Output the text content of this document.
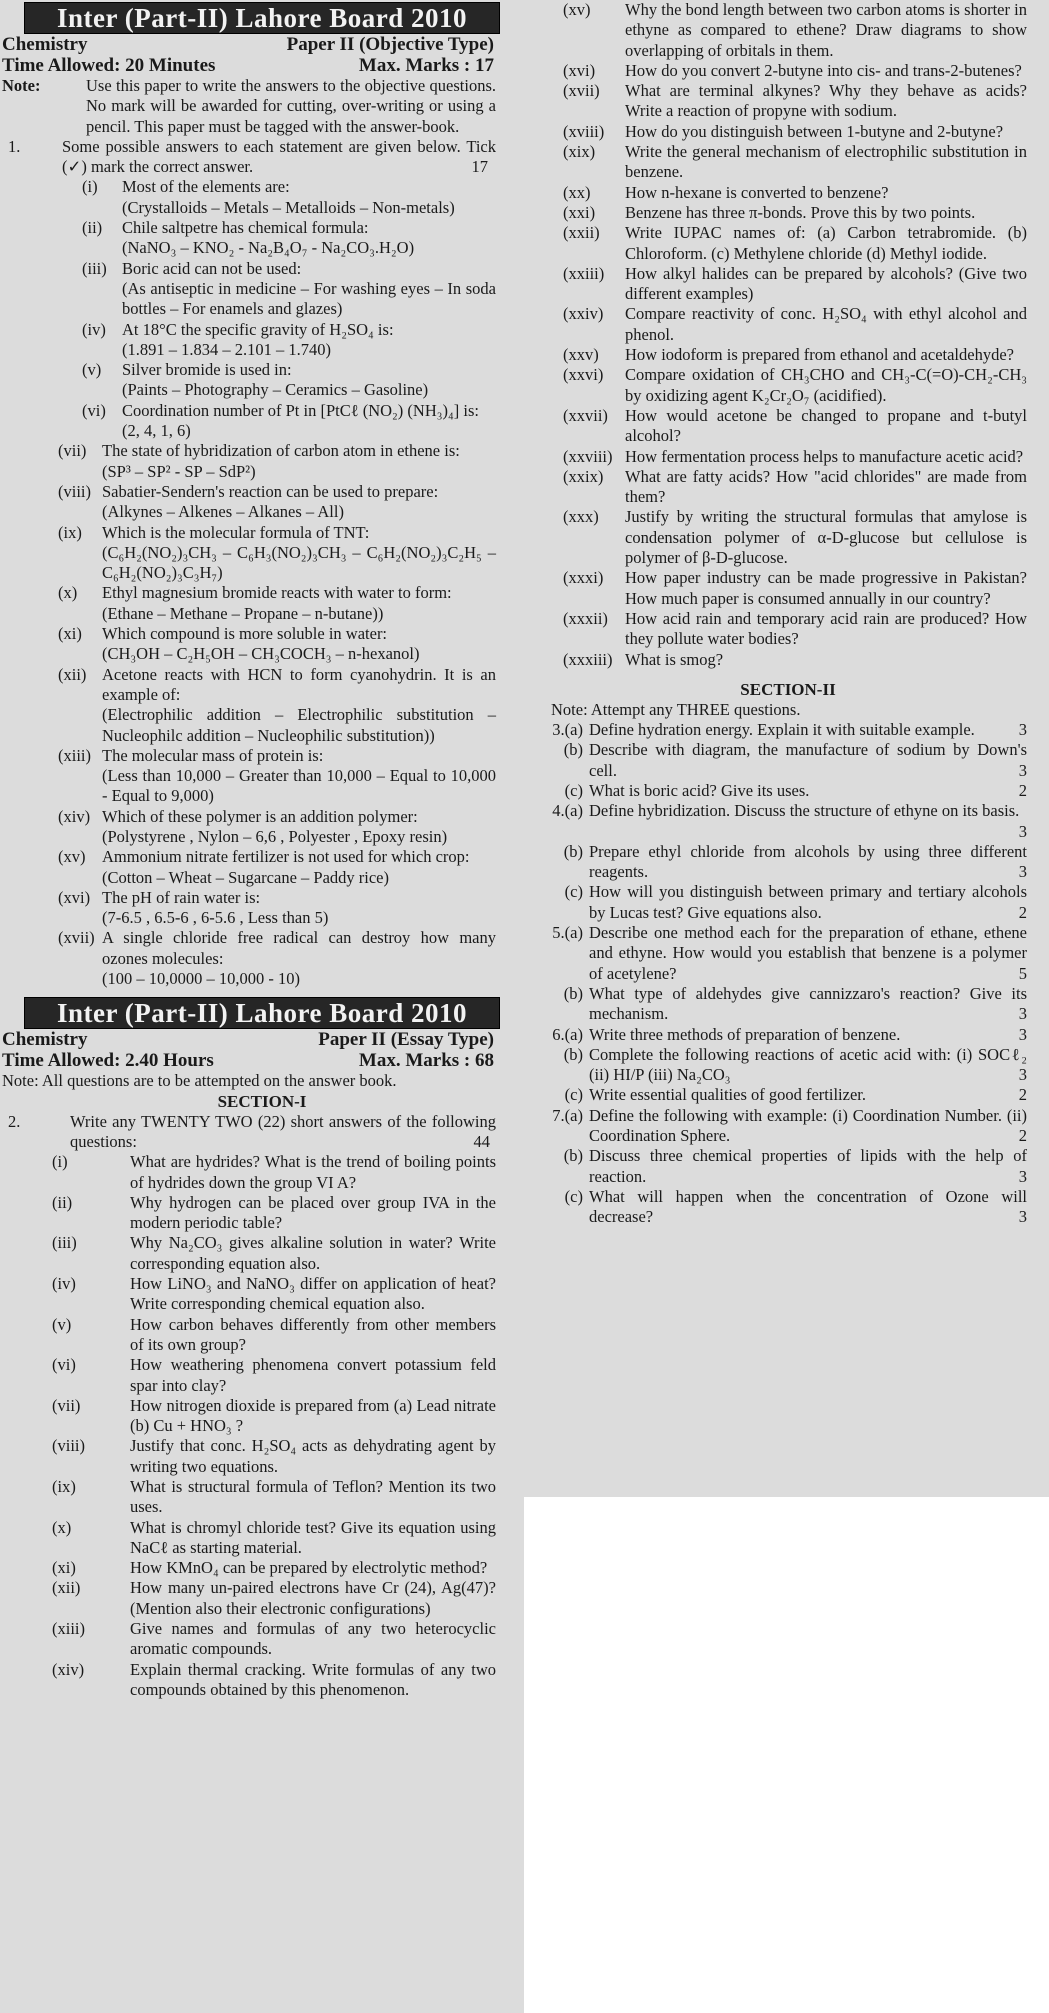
Inter (Part-II) Lahore Board 2010
Chemistry	Paper II (Objective Type)
Time Allowed: 20 Minutes	Max. Marks : 17
Note:	Use this paper to write the answers to the objective questions. No mark will be awarded for cutting, over-writing or using a pencil. This paper must be tagged with the answer-book.
1.	Some possible answers to each statement are given below. Tick (✓) mark the correct answer.	17
(i)	Most of the elements are:
(Crystalloids – Metals – Metalloids – Non-metals)
(ii)	Chile saltpetre has chemical formula:
(NaNO₃ – KNO₂ - Na₂B₄O₇ - Na₂CO₃.H₂O)
(iii) Boric acid can not be used:
(As antiseptic in medicine – For washing eyes – In soda bottles – For enamels and glazes)
(iv) At 18°C the specific gravity of H₂SO₄ is:
(1.891 – 1.834 – 2.101 – 1.740)
(v)	Silver bromide is used in:
(Paints – Photography – Ceramics – Gasoline)
(vi) Coordination number of Pt in [PtCℓ (NO₂) (NH₃)₄] is:
(2, 4, 1, 6)
(vii) The state of hybridization of carbon atom in ethene is:
(SP³ – SP² - SP – SdP²)
(viii) Sabatier-Sendern's reaction can be used to prepare:
(Alkynes – Alkenes – Alkanes – All)
(ix)	Which is the molecular formula of TNT:
(C₆H₂(NO₂)₃CH₃ – C₆H₃(NO₂)₃CH₃ – C₆H₂(NO₂)₃C₂H₅ – C₆H₂(NO₂)₃C₃H₇)
(x)	Ethyl magnesium bromide reacts with water to form:
(Ethane – Methane – Propane – n-butane))
(xi)	Which compound is more soluble in water:
(CH₃OH – C₂H₅OH – CH₃COCH₃ – n-hexanol)
(xii) Acetone reacts with HCN to form cyanohydrin. It is an example of:
(Electrophilic addition – Electrophilic substitution – Nucleophilc addition – Nucleophilic substitution))
(xiii) The molecular mass of protein is:
(Less than 10,000 – Greater than 10,000 – Equal to 10,000 - Equal to 9,000)
(xiv) Which of these polymer is an addition polymer:
(Polystyrene , Nylon – 6,6 , Polyester , Epoxy resin)
(xv)	Ammonium nitrate fertilizer is not used for which crop:
(Cotton – Wheat – Sugarcane – Paddy rice)
(xvi) The pH of rain water is:
(7-6.5 , 6.5-6 , 6-5.6 , Less than 5)
(xvii) A single chloride free radical can destroy how many ozones molecules:
(100 – 10,0000 – 10,000 - 10)
Inter (Part-II) Lahore Board 2010
Chemistry	Paper II (Essay Type)
Time Allowed: 2.40 Hours	Max. Marks : 68
Note: All questions are to be attempted on the answer book.
SECTION-I
2.	Write any TWENTY TWO (22) short answers of the following questions:	44
(i)	What are hydrides? What is the trend of boiling points of hydrides down the group VI A?
(ii)	Why hydrogen can be placed over group IVA in the modern periodic table?
(iii)	Why Na₂CO₃ gives alkaline solution in water? Write corresponding equation also.
(iv)	How LiNO₃ and NaNO₃ differ on application of heat? Write corresponding chemical equation also.
(v)	How carbon behaves differently from other members of its own group?
(vi)	How weathering phenomena convert potassium feld spar into clay?
(vii)	How nitrogen dioxide is prepared from (a) Lead nitrate (b) Cu + HNO₃ ?
(viii)	Justify that conc. H₂SO₄ acts as dehydrating agent by writing two equations.
(ix)	What is structural formula of Teflon? Mention its two uses.
(x)	What is chromyl chloride test? Give its equation using NaCℓ as starting material.
(xi)	How KMnO₄ can be prepared by electrolytic method?
(xii)	How many un-paired electrons have Cr (24), Ag(47)? (Mention also their electronic configurations)
(xiii)	Give names and formulas of any two heterocyclic aromatic compounds.
(xiv)	Explain thermal cracking. Write formulas of any two compounds obtained by this phenomenon.
(xv)	Why the bond length between two carbon atoms is shorter in ethyne as compared to ethene? Draw diagrams to show overlapping of orbitals in them.
(xvi)	How do you convert 2-butyne into cis- and trans-2-butenes?
(xvii)	What are terminal alkynes? Why they behave as acids? Write a reaction of propyne with sodium.
(xviii)	How do you distinguish between 1-butyne and 2-butyne?
(xix)	Write the general mechanism of electrophilic substitution in benzene.
(xx)	How n-hexane is converted to benzene?
(xxi)	Benzene has three π-bonds. Prove this by two points.
(xxii)	Write IUPAC names of: (a) Carbon tetrabromide. (b) Chloroform. (c) Methylene chloride (d) Methyl iodide.
(xxiii)	How alkyl halides can be prepared by alcohols? (Give two different examples)
(xxiv)	Compare reactivity of conc. H₂SO₄ with ethyl alcohol and phenol.
(xxv)	How iodoform is prepared from ethanol and acetaldehyde?
(xxvi)	Compare oxidation of CH₃CHO and CH₃-C(=O)-CH₂-CH₃ by oxidizing agent K₂Cr₂O₇ (acidified).
(xxvii)	How would acetone be changed to propane and t-butyl alcohol?
(xxviii) How fermentation process helps to manufacture acetic acid?
(xxix)	What are fatty acids? How "acid chlorides" are made from them?
(xxx)	Justify by writing the structural formulas that amylose is condensation polymer of α-D-glucose but cellulose is polymer of β-D-glucose.
(xxxi)	How paper industry can be made progressive in Pakistan? How much paper is consumed annually in our country?
(xxxii)	How acid rain and temporary acid rain are produced? How they pollute water bodies?
(xxxiii) What is smog?
SECTION-II
Note: Attempt any THREE questions.
3.(a) Define hydration energy. Explain it with suitable example.	3
(b) Describe with diagram, the manufacture of sodium by Down's cell.	3
(c) What is boric acid? Give its uses.	2
4.(a) Define hybridization. Discuss the structure of ethyne on its basis.
3
(b) Prepare ethyl chloride from alcohols by using three different reagents.	3
(c) How will you distinguish between primary and tertiary alcohols by Lucas test? Give equations also.	2
5.(a) Describe one method each for the preparation of ethane, ethene and ethyne. How would you establish that benzene is a polymer of acetylene?	5
(b) What type of aldehydes give cannizzaro's reaction? Give its mechanism.	3
6.(a) Write three methods of preparation of benzene.	3
(b) Complete the following reactions of acetic acid with: (i) SOCℓ₂ (ii) HI/P (iii) Na₂CO₃	3
(c) Write essential qualities of good fertilizer.	2
7.(a) Define the following with example: (i) Coordination Number. (ii) Coordination Sphere.	2
(b) Discuss three chemical properties of lipids with the help of reaction.	3
(c) What will happen when the concentration of Ozone will decrease?	3
